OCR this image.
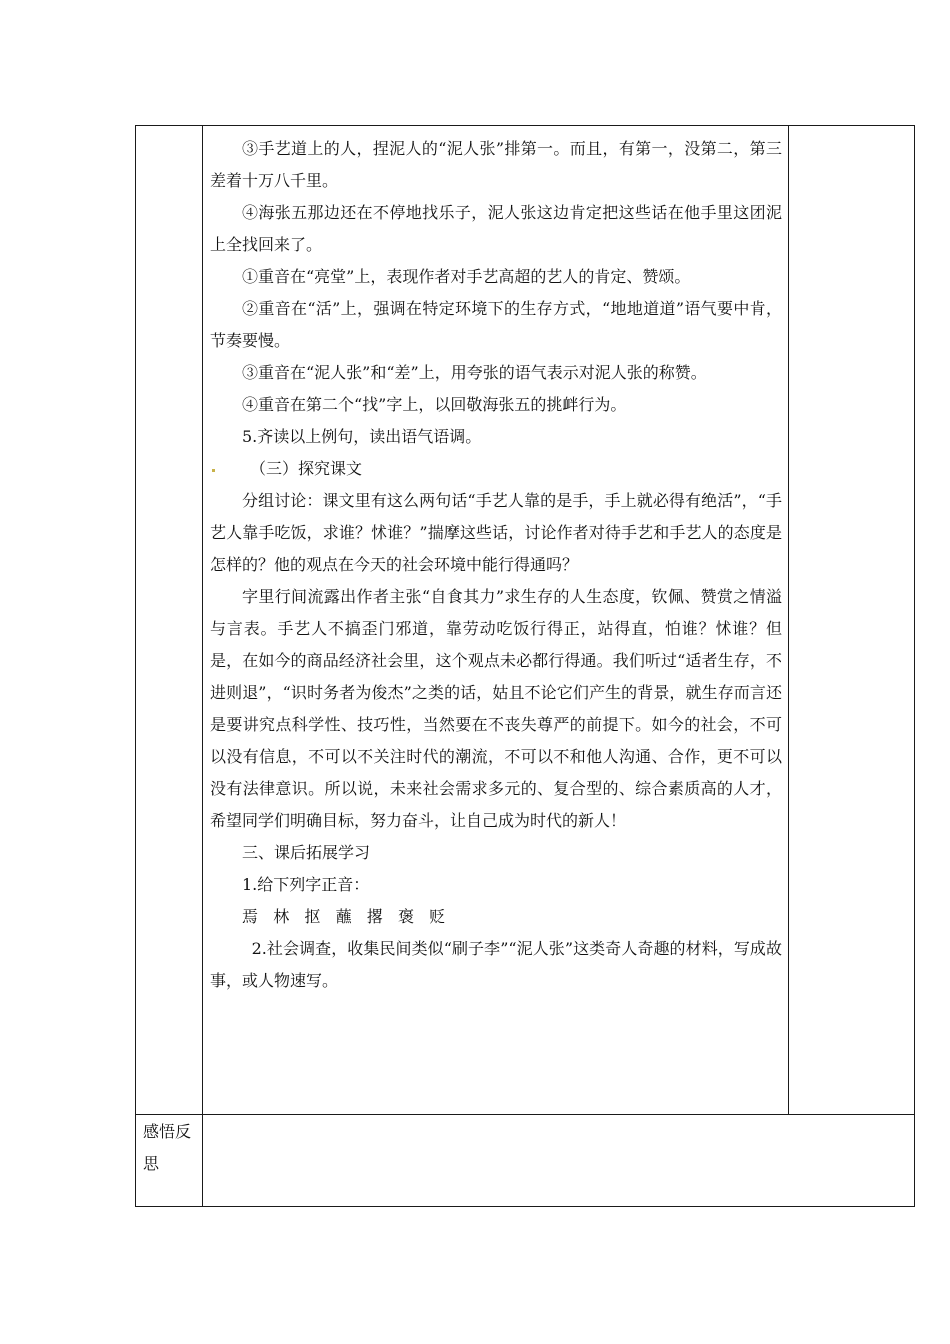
③手艺道上的人，捏泥人的“泥人张”排第一。而且，有第一，没第二，第三差着十万八千里。

④海张五那边还在不停地找乐子，泥人张这边肯定把这些话在他手里这团泥上全找回来了。

①重音在“亮堂”上，表现作者对手艺高超的艺人的肯定、赞颂。

②重音在“活”上，强调在特定环境下的生存方式，“地地道道”语气要中肯，节奏要慢。

③重音在“泥人张”和“差”上，用夸张的语气表示对泥人张的称赞。

④重音在第二个“找”字上，以回敬海张五的挑衅行为。

5.齐读以上例句，读出语气语调。

（三）探究课文

分组讨论：课文里有这么两句话“手艺人靠的是手，手上就必得有绝活”，“手艺人靠手吃饭，求谁？怵谁？”揣摩这些话，讨论作者对待手艺和手艺人的态度是怎样的？他的观点在今天的社会环境中能行得通吗？

字里行间流露出作者主张“自食其力”求生存的人生态度，钦佩、赞赏之情溢与言表。手艺人不搞歪门邪道，靠劳动吃饭行得正，站得直，怕谁？怵谁？但是，在如今的商品经济社会里，这个观点未必都行得通。我们听过“适者生存，不进则退”，“识时务者为俊杰”之类的话，姑且不论它们产生的背景，就生存而言还是要讲究点科学性、技巧性，当然要在不丧失尊严的前提下。如今的社会，不可以没有信息，不可以不关注时代的潮流，不可以不和他人沟通、合作，更不可以没有法律意识。所以说，未来社会需求多元的、复合型的、综合素质高的人才，希望同学们明确目标，努力奋斗，让自己成为时代的新人！

三、课后拓展学习

1.给下列字正音：

焉林抠蘸撂褒贬

2.社会调查，收集民间类似“刷子李”“泥人张”这类奇人奇趣的材料，写成故事，或人物速写。

感悟反思
